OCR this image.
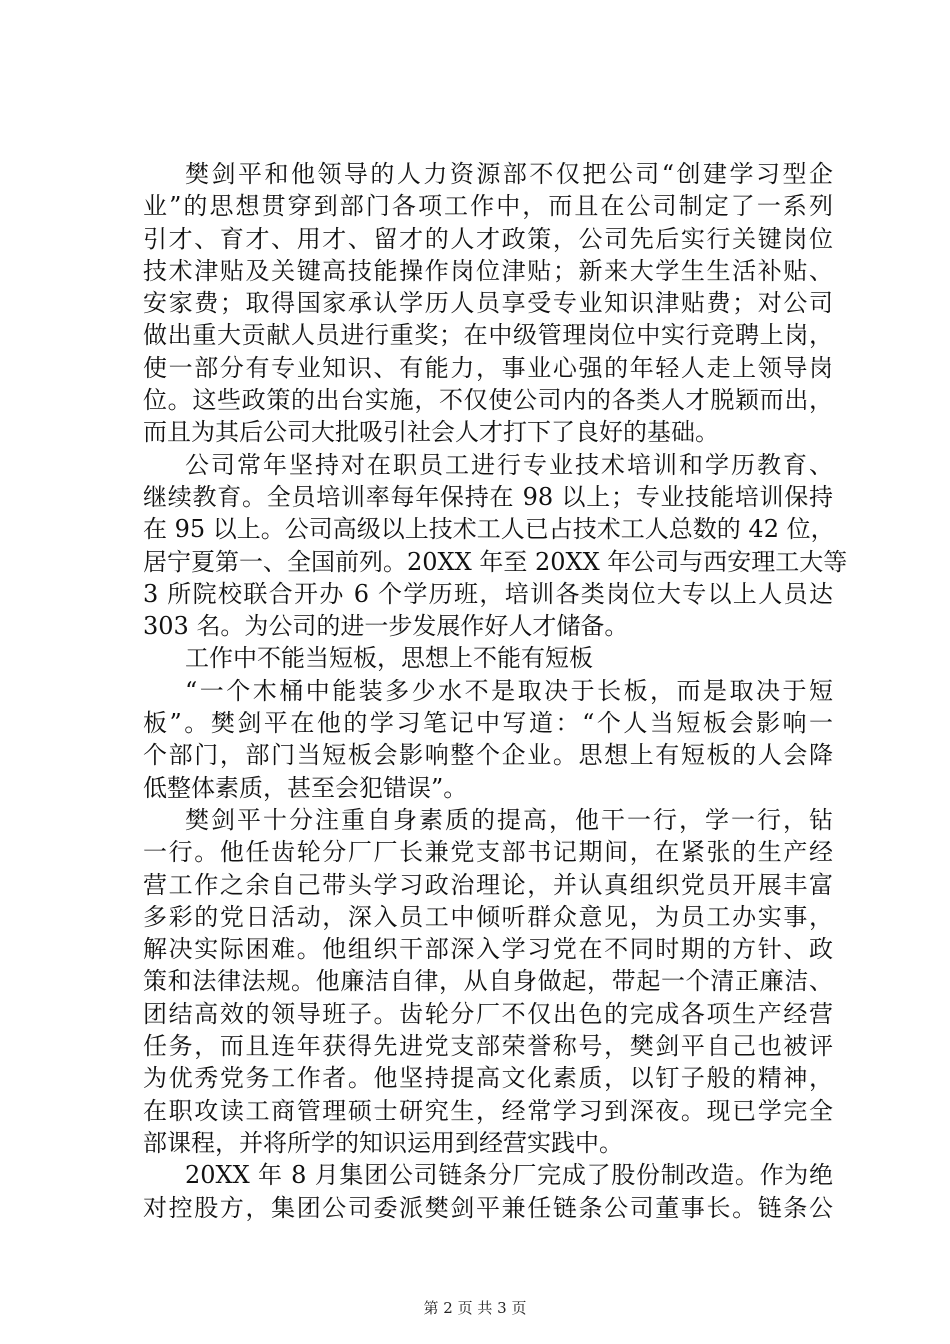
樊剑平和他领导的人力资源部不仅把公司“创建学习型企
业”的思想贯穿到部门各项工作中，而且在公司制定了一系列
引才、育才、用才、留才的人才政策，公司先后实行关键岗位
技术津贴及关键高技能操作岗位津贴；新来大学生生活补贴、
安家费；取得国家承认学历人员享受专业知识津贴费；对公司
做出重大贡献人员进行重奖；在中级管理岗位中实行竞聘上岗，
使一部分有专业知识、有能力，事业心强的年轻人走上领导岗
位。这些政策的出台实施，不仅使公司内的各类人才脱颖而出，
而且为其后公司大批吸引社会人才打下了良好的基础。
公司常年坚持对在职员工进行专业技术培训和学历教育、
继续教育。全员培训率每年保持在 98 以上；专业技能培训保持
在 95 以上。公司高级以上技术工人已占技术工人总数的 42 位，
居宁夏第一、全国前列。20XX 年至 20XX 年公司与西安理工大等
3 所院校联合开办 6 个学历班，培训各类岗位大专以上人员达
303 名。为公司的进一步发展作好人才储备。
工作中不能当短板，思想上不能有短板
“一个木桶中能装多少水不是取决于长板，而是取决于短
板”。樊剑平在他的学习笔记中写道：“个人当短板会影响一
个部门，部门当短板会影响整个企业。思想上有短板的人会降
低整体素质，甚至会犯错误”。
樊剑平十分注重自身素质的提高，他干一行，学一行，钻
一行。他任齿轮分厂厂长兼党支部书记期间，在紧张的生产经
营工作之余自己带头学习政治理论，并认真组织党员开展丰富
多彩的党日活动，深入员工中倾听群众意见，为员工办实事，
解决实际困难。他组织干部深入学习党在不同时期的方针、政
策和法律法规。他廉洁自律，从自身做起，带起一个清正廉洁、
团结高效的领导班子。齿轮分厂不仅出色的完成各项生产经营
任务，而且连年获得先进党支部荣誉称号，樊剑平自己也被评
为优秀党务工作者。他坚持提高文化素质，以钉子般的精神，
在职攻读工商管理硕士研究生，经常学习到深夜。现已学完全
部课程，并将所学的知识运用到经营实践中。
20XX 年 8 月集团公司链条分厂完成了股份制改造。作为绝
对控股方，集团公司委派樊剑平兼任链条公司董事长。链条公
第 2 页 共 3 页
